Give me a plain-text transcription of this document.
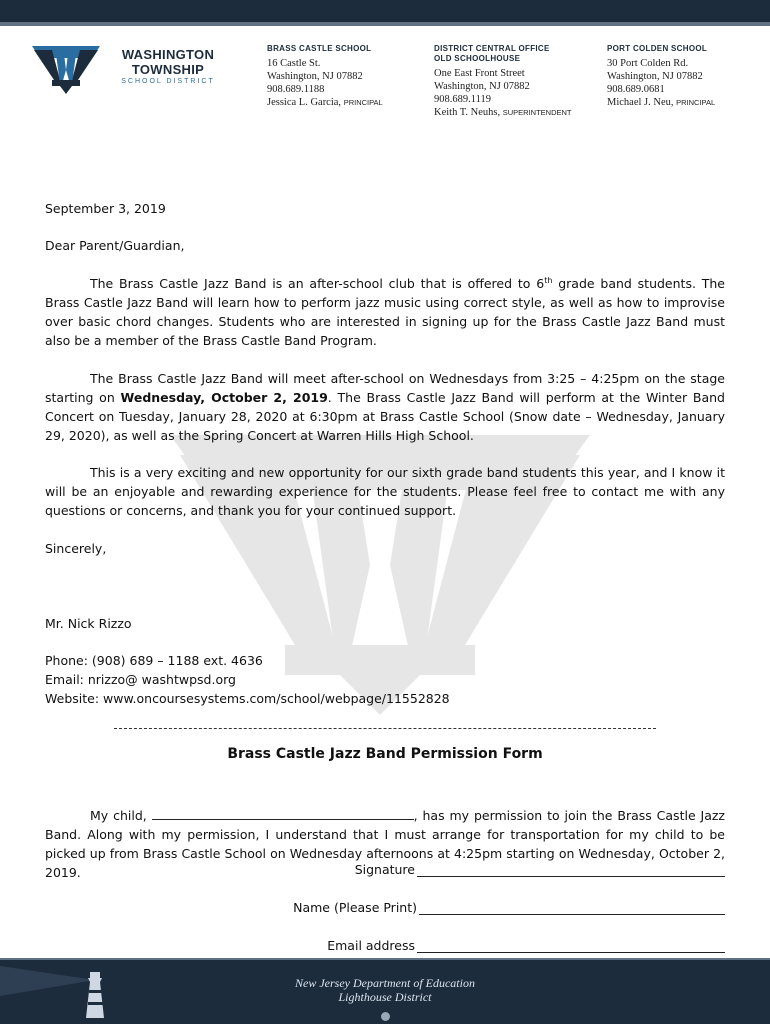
WASHINGTON
TOWNSHIP
SCHOOL DISTRICT
BRASS CASTLE SCHOOL
16 Castle St.
Washington, NJ 07882
908.689.1188
Jessica L. Garcia, PRINCIPAL
DISTRICT CENTRAL OFFICE
OLD SCHOOLHOUSE
One East Front Street
Washington, NJ 07882
908.689.1119
Keith T. Neuhs, SUPERINTENDENT
PORT COLDEN SCHOOL
30 Port Colden Rd.
Washington, NJ 07882
908.689.0681
Michael J. Neu, PRINCIPAL
September 3, 2019
Dear Parent/Guardian,
The Brass Castle Jazz Band is an after-school club that is offered to 6th grade band students. The Brass Castle Jazz Band will learn how to perform jazz music using correct style, as well as how to improvise over basic chord changes. Students who are interested in signing up for the Brass Castle Jazz Band must also be a member of the Brass Castle Band Program.
The Brass Castle Jazz Band will meet after-school on Wednesdays from 3:25 – 4:25pm on the stage starting on Wednesday, October 2, 2019. The Brass Castle Jazz Band will perform at the Winter Band Concert on Tuesday, January 28, 2020 at 6:30pm at Brass Castle School (Snow date – Wednesday, January 29, 2020), as well as the Spring Concert at Warren Hills High School.
This is a very exciting and new opportunity for our sixth grade band students this year, and I know it will be an enjoyable and rewarding experience for the students. Please feel free to contact me with any questions or concerns, and thank you for your continued support.
Sincerely,
Mr. Nick Rizzo
Phone: (908) 689 – 1188 ext. 4636
Email: nrizzo@ washtwpsd.org
Website: www.oncoursesystems.com/school/webpage/11552828
Brass Castle Jazz Band Permission Form
My child,	, has my permission to join the Brass Castle Jazz Band. Along with my permission, I understand that I must arrange for transportation for my child to be picked up from Brass Castle School on Wednesday afternoons at 4:25pm starting on Wednesday, October 2, 2019.	Signature
Name (Please Print)
Email address
New Jersey Department of Education
Lighthouse District
